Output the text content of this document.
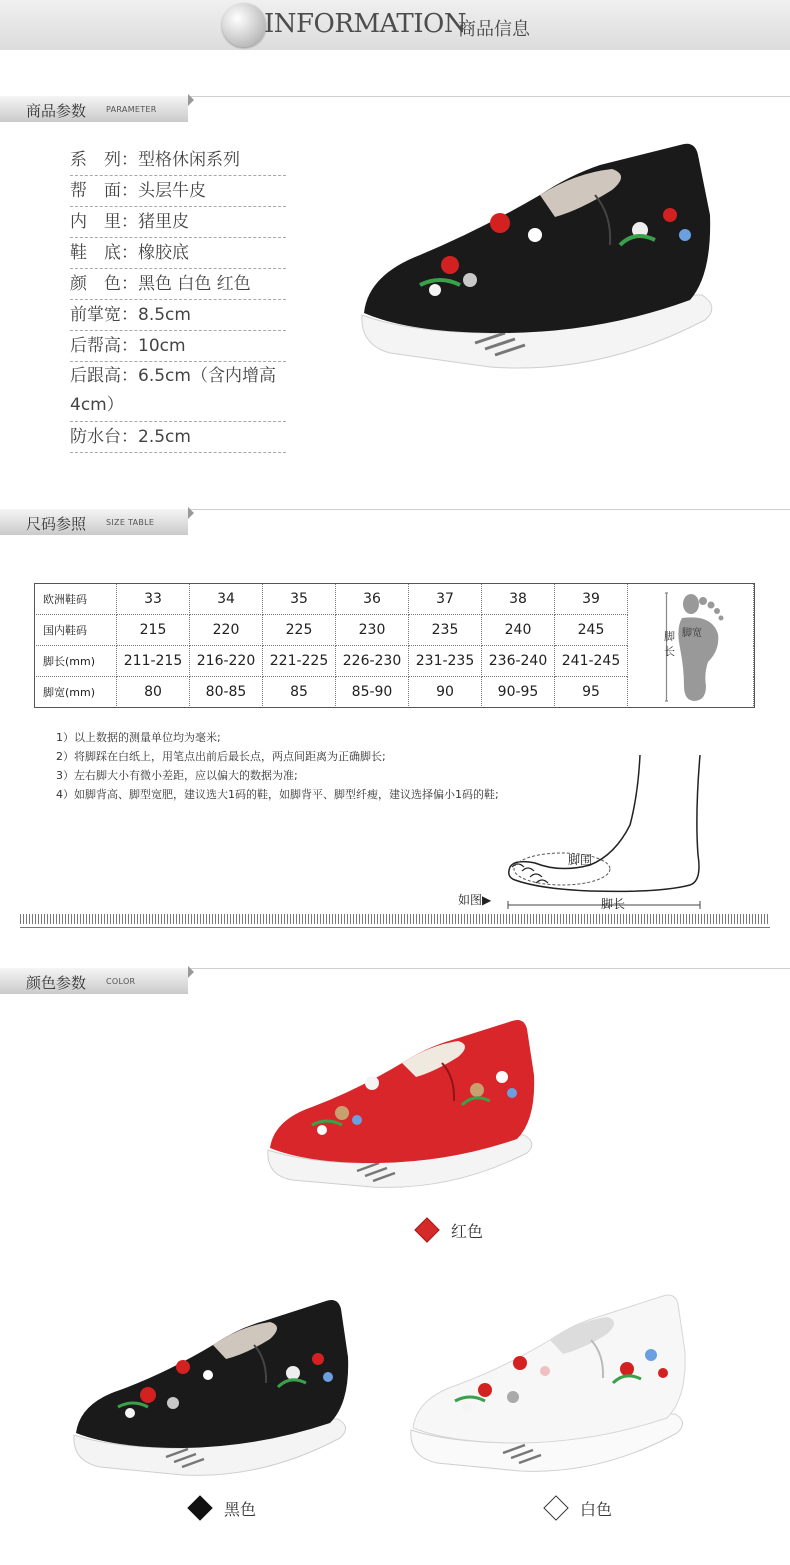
INFORMATION
商品信息
商品参数 PARAMETER
系　列：型格休闲系列
帮　面：头层牛皮
内　里：猪里皮
鞋　底：橡胶底
颜　色：黑色 白色 红色
前掌宽：8.5cm
后帮高：10cm
后跟高：6.5cm（含内增高　　　　4cm）
防水台：2.5cm
尺码参照 SIZE TABLE
欧洲鞋码	33	34	35	36	37	38	39	

国内鞋码	215	220	225	230	235	240	245	
脚长(mm)	211-215	216-220	221-225	226-230	231-235	236-240	241-245	
脚宽(mm)	80	80-85	85	85-90	90	90-95	95	
脚长
脚宽
1）以上数据的测量单位均为毫米;
2）将脚踩在白纸上，用笔点出前后最长点，两点间距离为正确脚长;
3）左右脚大小有微小差距，应以偏大的数据为准;
4）如脚背高、脚型宽肥，建议选大1码的鞋，如脚背平、脚型纤瘦，建议选择偏小1码的鞋;
脚围
脚长
如图▶
颜色参数 COLOR
红色
黑色	白色
